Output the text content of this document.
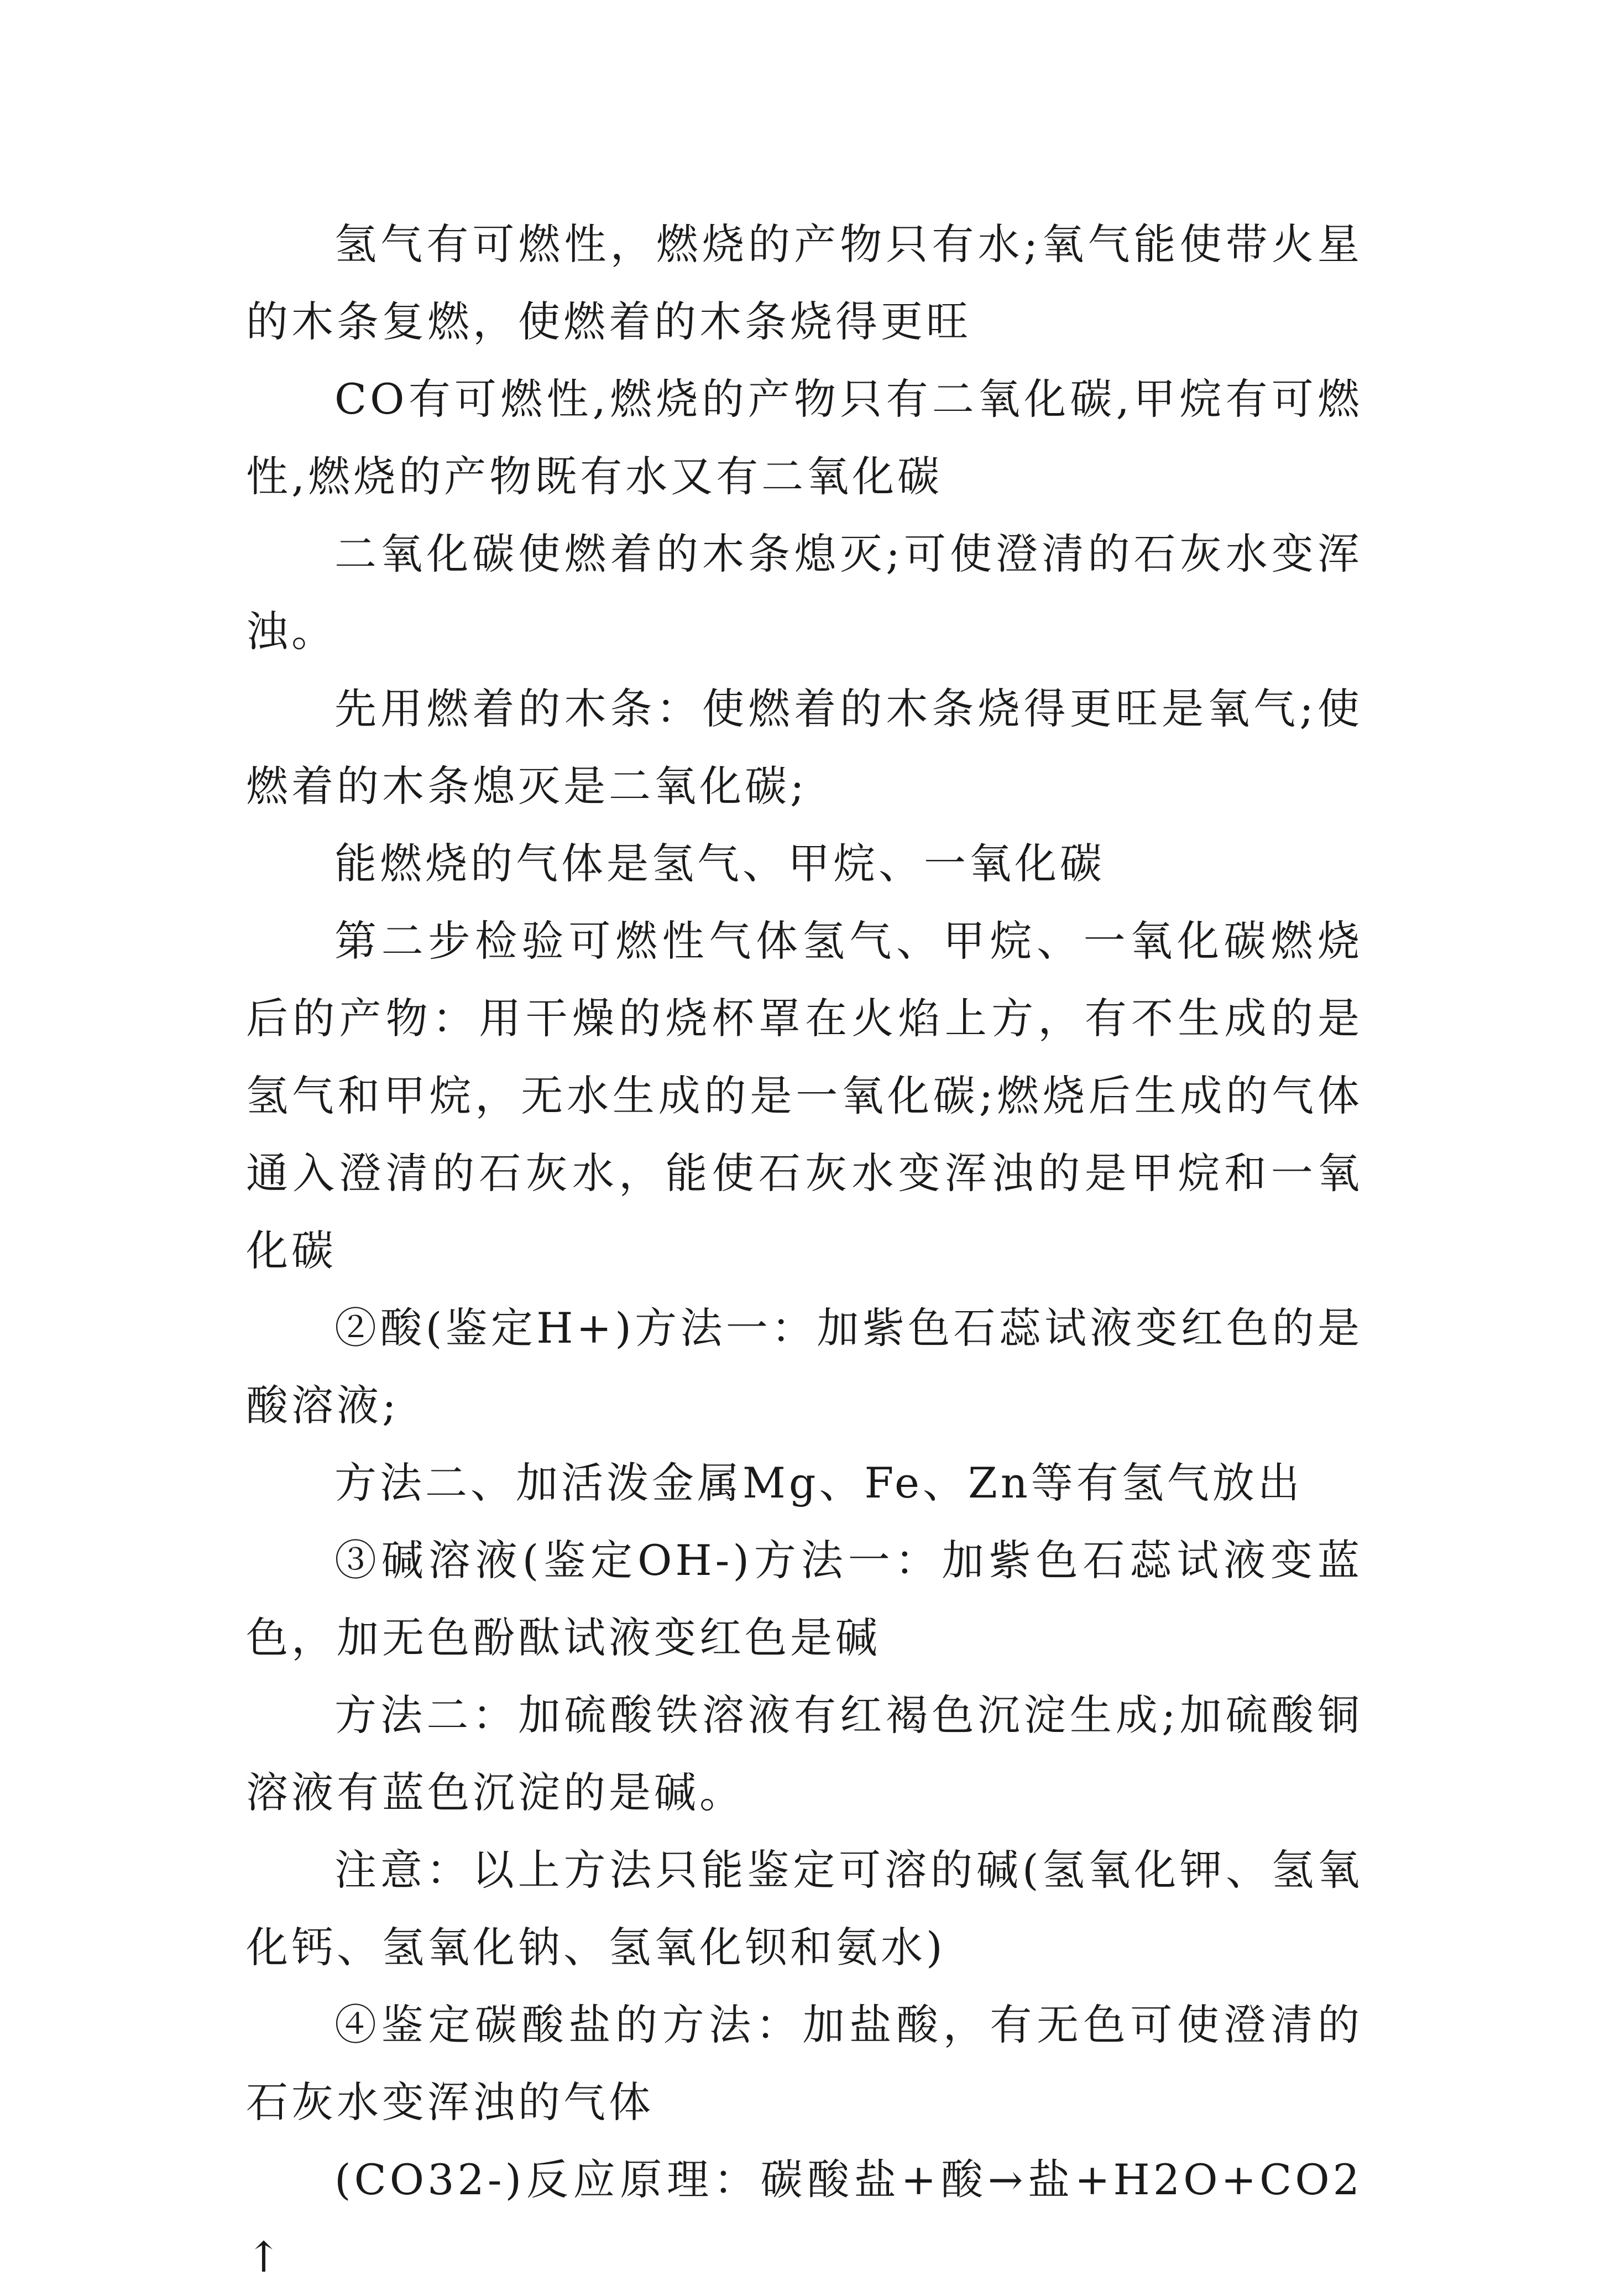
氢气有可燃性，燃烧的产物只有水;氧气能使带火星的木条复燃，使燃着的木条烧得更旺

CO有可燃性,燃烧的产物只有二氧化碳,甲烷有可燃性,燃烧的产物既有水又有二氧化碳

二氧化碳使燃着的木条熄灭;可使澄清的石灰水变浑浊。

先用燃着的木条：使燃着的木条烧得更旺是氧气;使燃着的木条熄灭是二氧化碳;

能燃烧的气体是氢气、甲烷、一氧化碳

第二步检验可燃性气体氢气、甲烷、一氧化碳燃烧后的产物：用干燥的烧杯罩在火焰上方，有不生成的是氢气和甲烷，无水生成的是一氧化碳;燃烧后生成的气体通入澄清的石灰水，能使石灰水变浑浊的是甲烷和一氧化碳

②酸(鉴定H+)方法一：加紫色石蕊试液变红色的是酸溶液;

方法二、加活泼金属Mg、Fe、Zn等有氢气放出

③碱溶液(鉴定OH-)方法一：加紫色石蕊试液变蓝色，加无色酚酞试液变红色是碱

方法二：加硫酸铁溶液有红褐色沉淀生成;加硫酸铜溶液有蓝色沉淀的是碱。

注意：以上方法只能鉴定可溶的碱(氢氧化钾、氢氧化钙、氢氧化钠、氢氧化钡和氨水)

④鉴定碳酸盐的方法：加盐酸，有无色可使澄清的石灰水变浑浊的气体

(CO32-)反应原理：碳酸盐+酸→盐+H2O+CO2↑
